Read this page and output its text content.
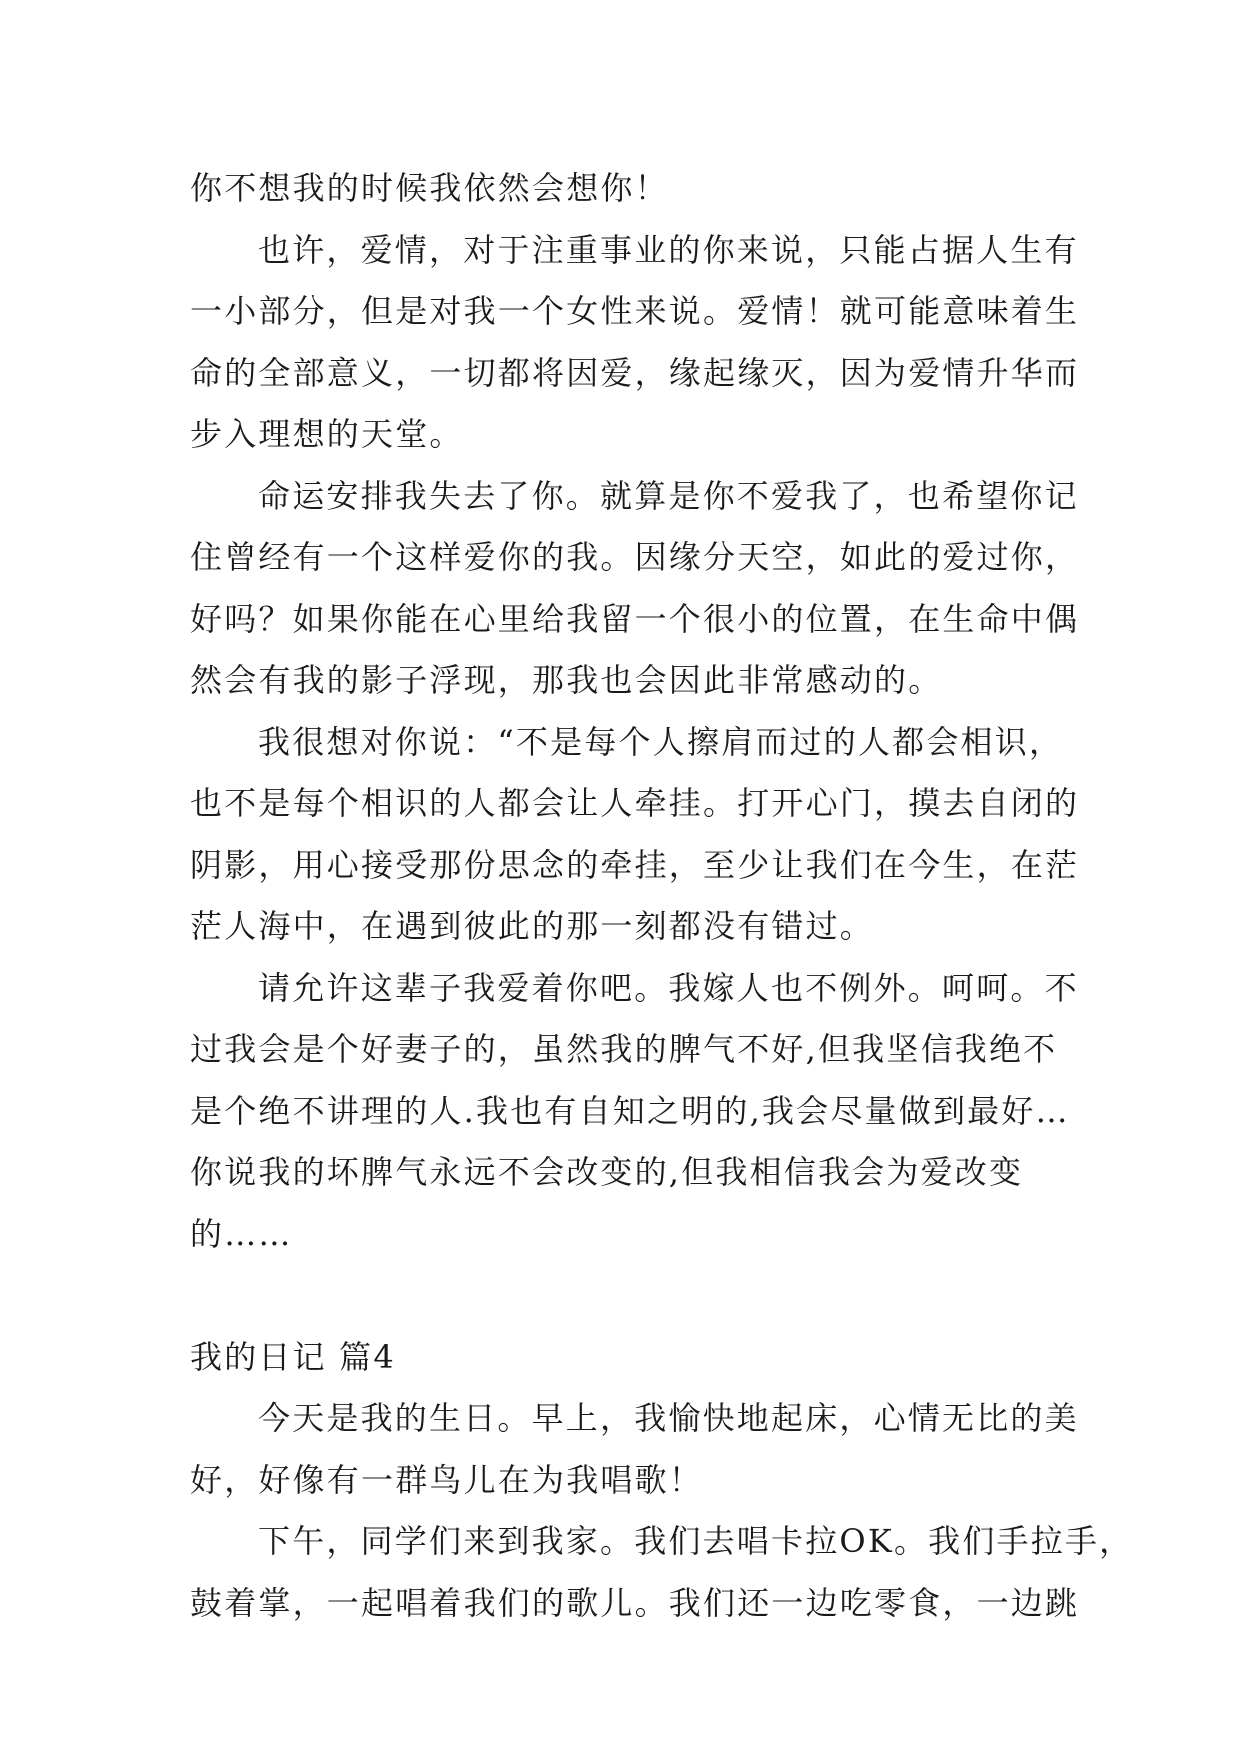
你不想我的时候我依然会想你！
也许，爱情，对于注重事业的你来说，只能占据人生有
一小部分，但是对我一个女性来说。爱情！就可能意味着生
命的全部意义，一切都将因爱，缘起缘灭，因为爱情升华而
步入理想的天堂。
命运安排我失去了你。就算是你不爱我了，也希望你记
住曾经有一个这样爱你的我。因缘分天空，如此的爱过你，
好吗？如果你能在心里给我留一个很小的位置，在生命中偶
然会有我的影子浮现，那我也会因此非常感动的。
我很想对你说：“不是每个人擦肩而过的人都会相识，
也不是每个相识的人都会让人牵挂。打开心门，摸去自闭的
阴影，用心接受那份思念的牵挂，至少让我们在今生，在茫
茫人海中，在遇到彼此的那一刻都没有错过。
请允许这辈子我爱着你吧。我嫁人也不例外。呵呵。不
过我会是个好妻子的，虽然我的脾气不好,但我坚信我绝不
是个绝不讲理的人.我也有自知之明的,我会尽量做到最好…
你说我的坏脾气永远不会改变的,但我相信我会为爱改变
的……
我的日记 篇4
今天是我的生日。早上，我愉快地起床，心情无比的美
好，好像有一群鸟儿在为我唱歌！
下午，同学们来到我家。我们去唱卡拉OK。我们手拉手，
鼓着掌，一起唱着我们的歌儿。我们还一边吃零食，一边跳
